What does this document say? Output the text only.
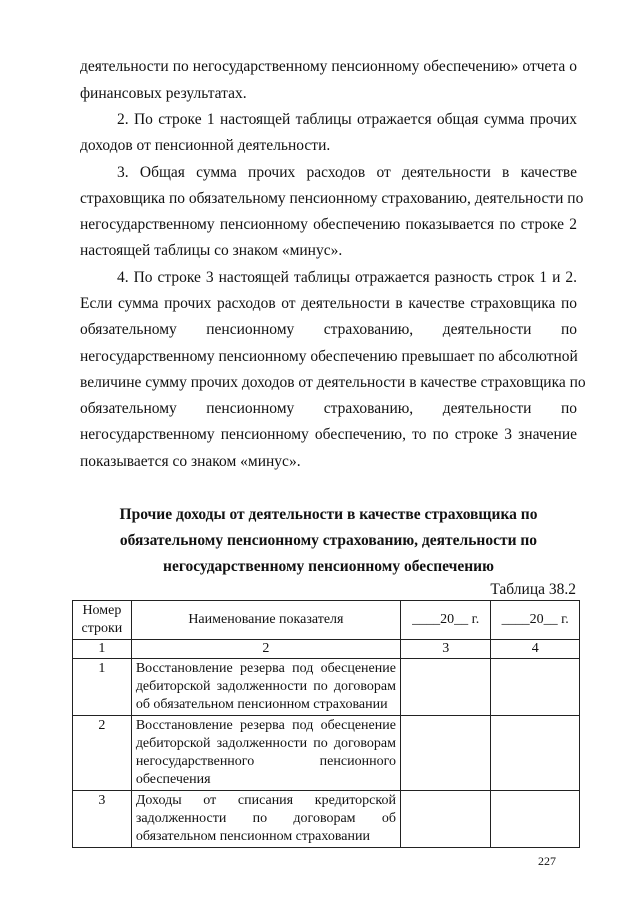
деятельности по негосударственному пенсионному обеспечению» отчета о
финансовых результатах.
2. По строке 1 настоящей таблицы отражается общая сумма прочих
доходов от пенсионной деятельности.
3. Общая сумма прочих расходов от деятельности в качестве
страховщика по обязательному пенсионному страхованию, деятельности по
негосударственному пенсионному обеспечению показывается по строке 2
настоящей таблицы со знаком «минус».
4. По строке 3 настоящей таблицы отражается разность строк 1 и 2.
Если сумма прочих расходов от деятельности в качестве страховщика по
обязательному пенсионному страхованию, деятельности по
негосударственному пенсионному обеспечению превышает по абсолютной
величине сумму прочих доходов от деятельности в качестве страховщика по
обязательному пенсионному страхованию, деятельности по
негосударственному пенсионному обеспечению, то по строке 3 значение
показывается со знаком «минус».
Прочие доходы от деятельности в качестве страховщика по
обязательному пенсионному страхованию, деятельности по
негосударственному пенсионному обеспечению
Таблица 38.2
Номер строки	Наименование показателя	____20__ г.	____20__ г.
1	2	3	4
1	Восстановление резерва под обесценение дебиторской задолженности по договорам об обязательном пенсионном страховании		
2	Восстановление резерва под обесценение дебиторской задолженности по договорам негосударственного пенсионного обеспечения		
3	Доходы от списания кредиторской задолженности по договорам об обязательном пенсионном страховании		
227
